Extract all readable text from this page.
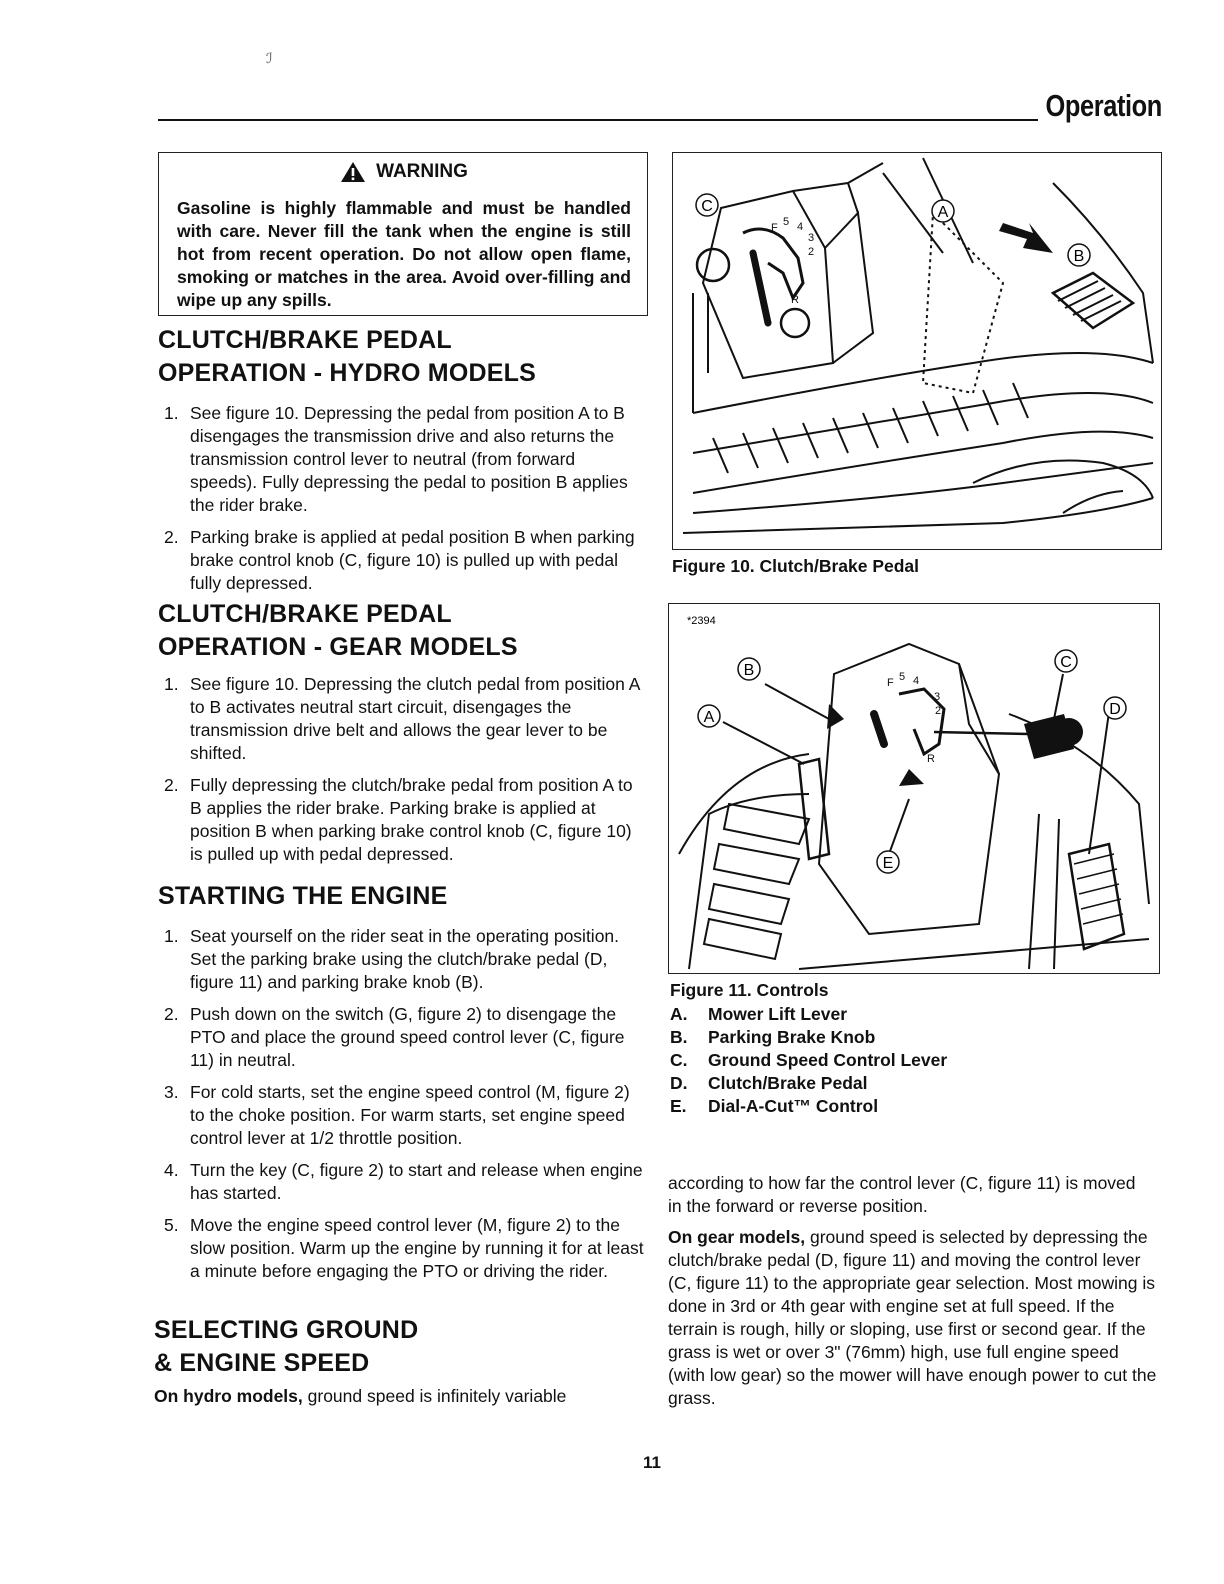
ℐ
Operation
WARNING
Gasoline is highly flammable and must be handled with care. Never fill the tank when the engine is still hot from recent operation. Do not allow open flame, smoking or matches in the area. Avoid over-filling and wipe up any spills.
CLUTCH/BRAKE PEDAL
OPERATION - HYDRO MODELS
1. See figure 10. Depressing the pedal from position A to B disengages the transmission drive and also returns the transmission control lever to neutral (from forward speeds). Fully depressing the pedal to position B applies the rider brake.
2. Parking brake is applied at pedal position B when parking brake control knob (C, figure 10) is pulled up with pedal fully depressed.
CLUTCH/BRAKE PEDAL
OPERATION - GEAR MODELS
1. See figure 10. Depressing the clutch pedal from position A to B activates neutral start circuit, disengages the transmission drive belt and allows the gear lever to be shifted.
2. Fully depressing the clutch/brake pedal from position A to B applies the rider brake. Parking brake is applied at position B when parking brake control knob (C, figure 10) is pulled up with pedal depressed.
STARTING THE ENGINE
1. Seat yourself on the rider seat in the operating position. Set the parking brake using the clutch/brake pedal (D, figure 11) and parking brake knob (B).
2. Push down on the switch (G, figure 2) to disengage the PTO and place the ground speed control lever (C, figure 11) in neutral.
3. For cold starts, set the engine speed control (M, figure 2) to the choke position. For warm starts, set engine speed control lever at 1/2 throttle position.
4. Turn the key (C, figure 2) to start and release when engine has started.
5. Move the engine speed control lever (M, figure 2) to the slow position. Warm up the engine by running it for at least a minute before engaging the PTO or driving the rider.
SELECTING GROUND
& ENGINE SPEED

On hydro models, ground speed is infinitely variable

C	A
B
F 5 4
3
2
R
Figure 10. Clutch/Brake Pedal
*2394
B	C
A	D
E
F 5 4
3
2
R
Figure 11. Controls
A.	Mower Lift Lever
B.	Parking Brake Knob
C.	Ground Speed Control Lever
D.	Clutch/Brake Pedal
E.	Dial-A-Cut™ Control

according to how far the control lever (C, figure 11) is moved in the forward or reverse position.

On gear models, ground speed is selected by depressing the clutch/brake pedal (D, figure 11) and moving the control lever (C, figure 11) to the appropriate gear selection. Most mowing is done in 3rd or 4th gear with engine set at full speed. If the terrain is rough, hilly or sloping, use first or second gear. If the grass is wet or over 3" (76mm) high, use full engine speed (with low gear) so the mower will have enough power to cut the grass.

11
